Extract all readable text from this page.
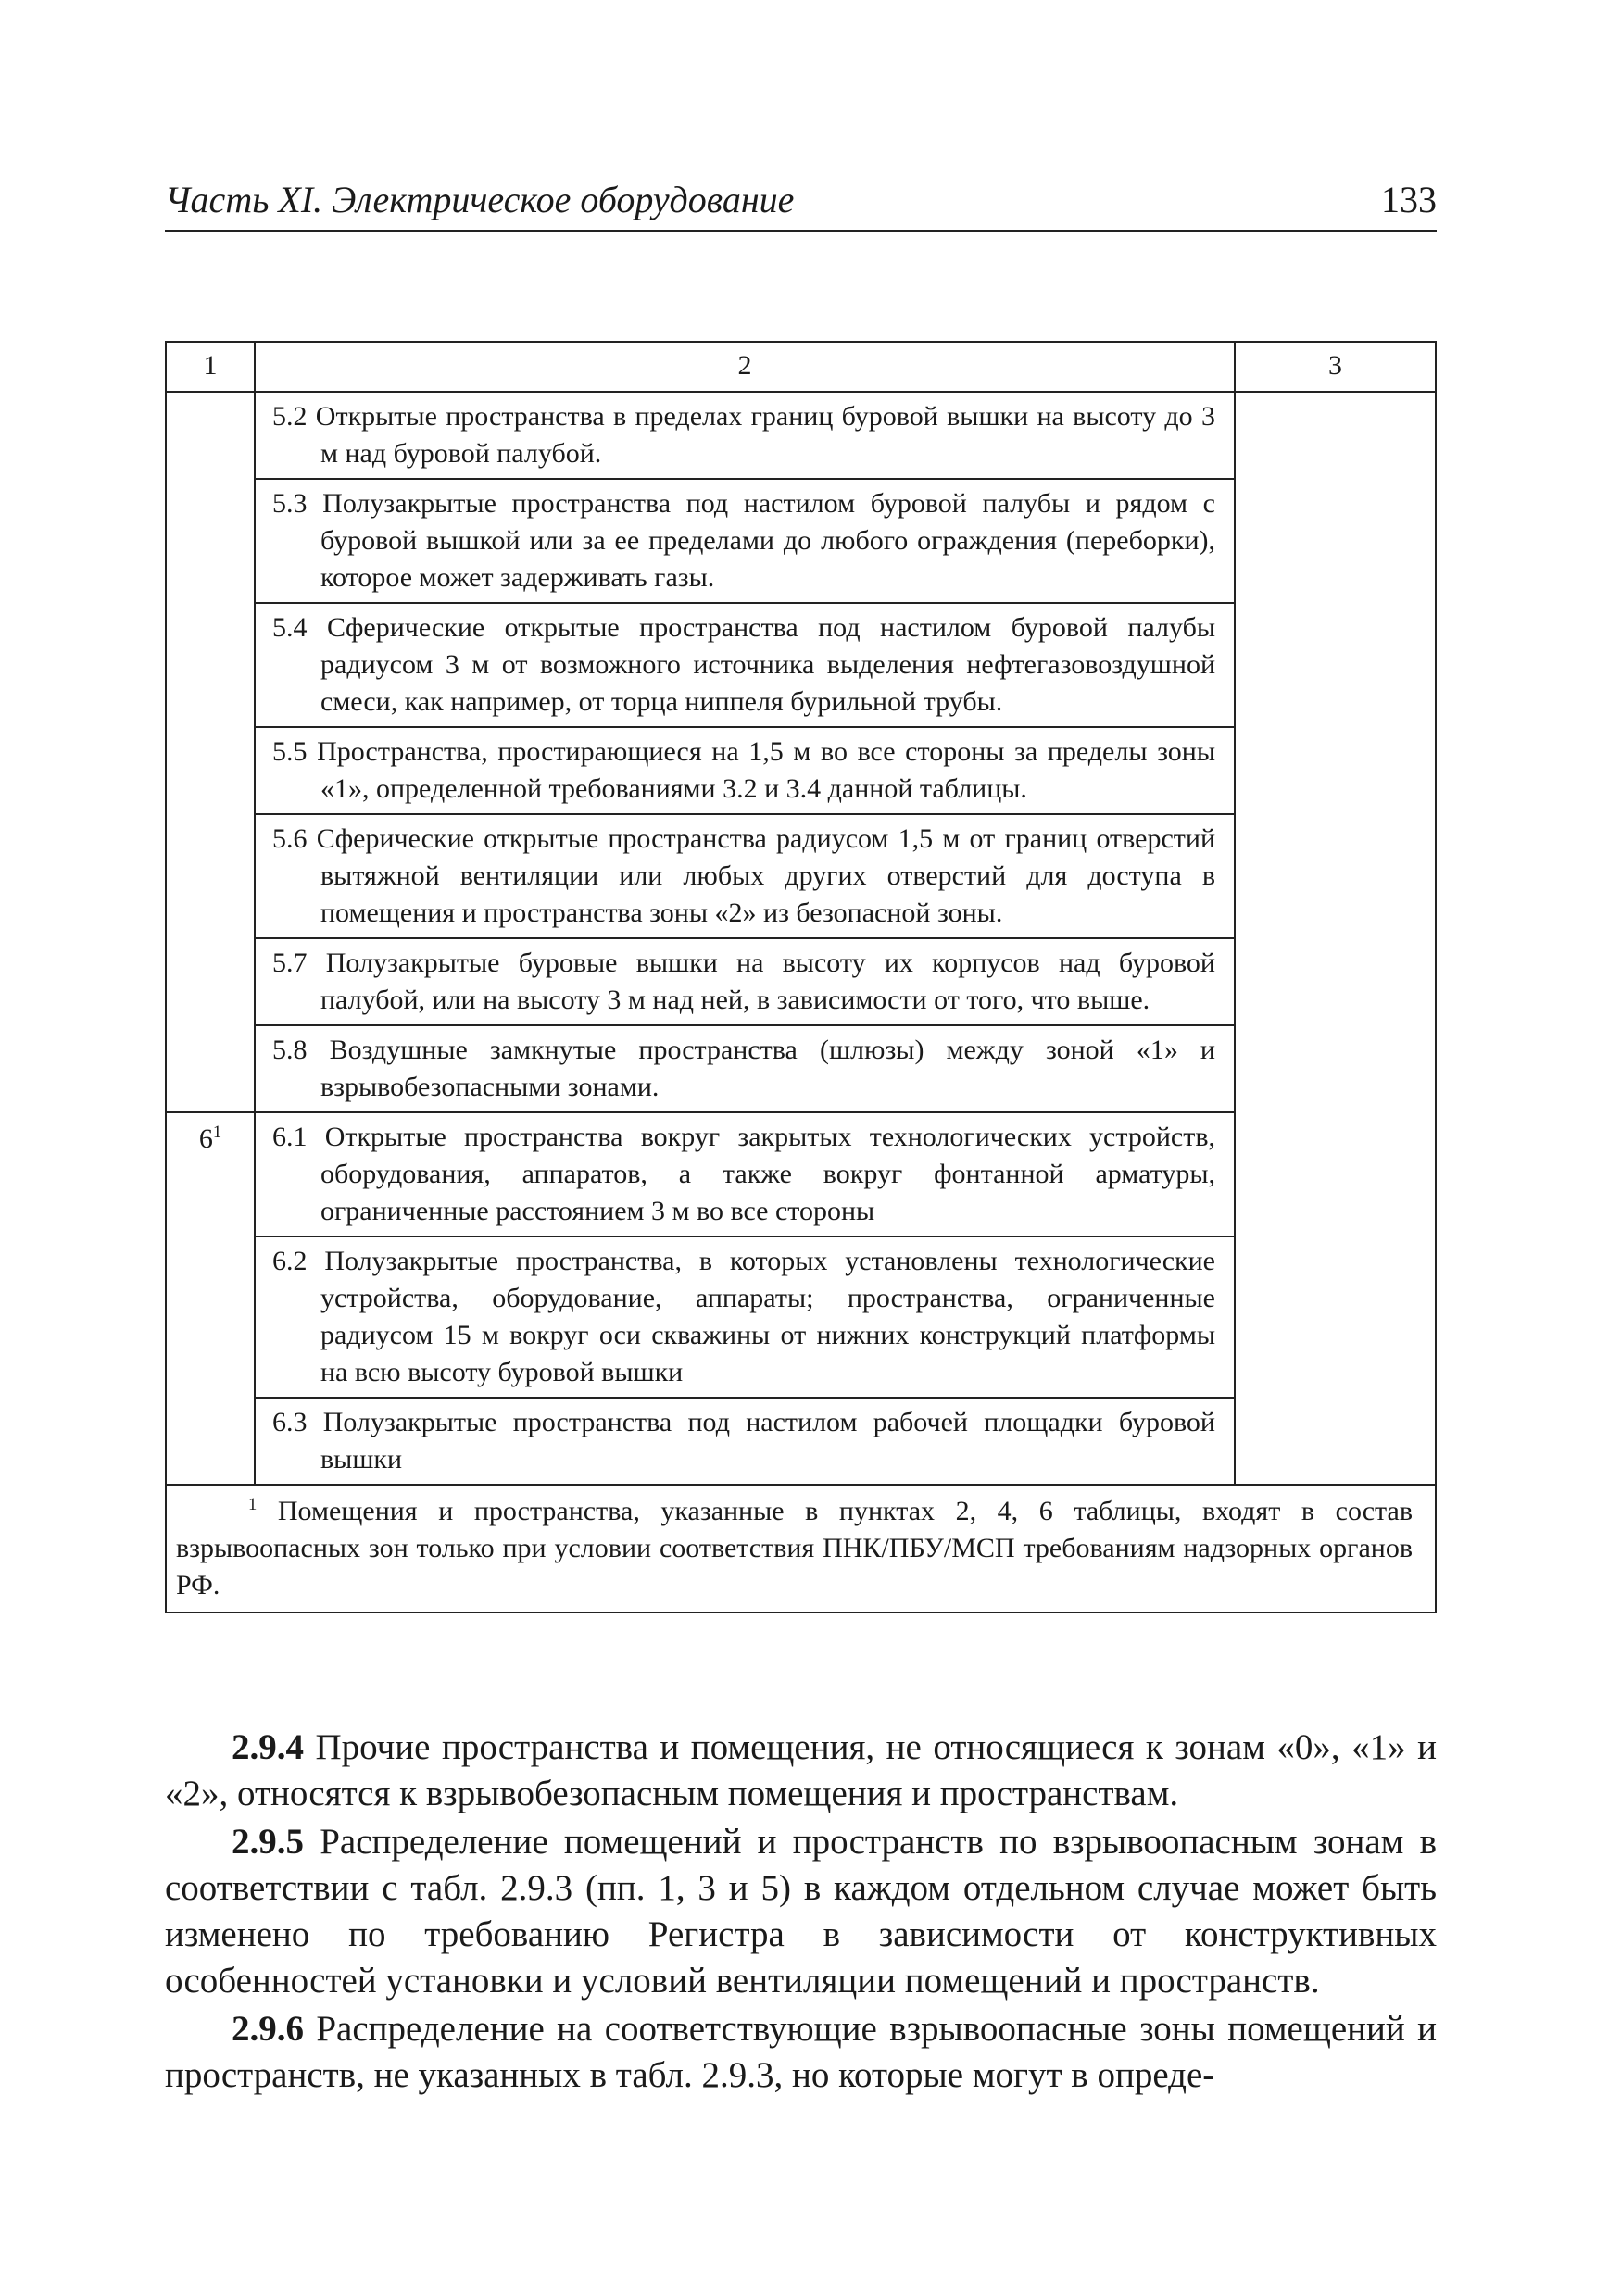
Часть XI. Электрическое оборудование	133
1	2	3

	5.2 Открытые пространства в пределах границ буровой вышки на высоту до 3 м над буровой палубой.	

	5.3 Полузакрытые пространства под настилом буровой палубы и рядом с буровой вышкой или за ее пределами до любого ограждения (переборки), которое может задерживать газы.	

	5.4 Сферические открытые пространства под настилом буровой палубы радиусом 3 м от возможного источника выделения нефтегазовоздушной смеси, как например, от торца ниппеля бурильной трубы.	

	5.5 Пространства, простирающиеся на 1,5 м во все стороны за пределы зоны «1», определенной требованиями 3.2 и 3.4 данной таблицы.	

	5.6 Сферические открытые пространства радиусом 1,5 м от границ отверстий вытяжной вентиляции или любых других отверстий для доступа в помещения и пространства зоны «2» из безопасной зоны.	

	5.7 Полузакрытые буровые вышки на высоту их корпусов над буровой палубой, или на высоту 3 м над ней, в зависимости от того, что выше.	

	5.8 Воздушные замкнутые пространства (шлюзы) между зоной «1» и взрывобезопасными зонами.	

$6^1$	6.1 Открытые пространства вокруг закрытых технологических устройств, оборудования, аппаратов, а также вокруг фонтанной арматуры, ограниченные расстоянием 3 м во все стороны	

	6.2 Полузакрытые пространства, в которых установлены технологические устройства, оборудование, аппараты; пространства, ограниченные радиусом 15 м вокруг оси скважины от нижних конструкций платформы на всю высоту буровой вышки	

	6.3 Полузакрытые пространства под настилом рабочей площадки буровой вышки	

$^1$ Помещения и пространства, указанные в пунктах 2, 4, 6 таблицы, входят в состав взрывоопасных зон только при условии соответствия ПНК/ПБУ/МСП требованиям надзорных органов РФ.		

2.9.4 Прочие пространства и помещения, не относящиеся к зонам «0», «1» и «2», относятся к взрывобезопасным помещения и пространствам.

2.9.5 Распределение помещений и пространств по взрывоопасным зонам в соответствии с табл. 2.9.3 (пп. 1, 3 и 5) в каждом отдельном случае может быть изменено по требованию Регистра в зависимости от конструктивных особенностей установки и условий вентиляции помещений и пространств.

2.9.6 Распределение на соответствующие взрывоопасные зоны помещений и пространств, не указанных в табл. 2.9.3, но которые могут в опреде-
